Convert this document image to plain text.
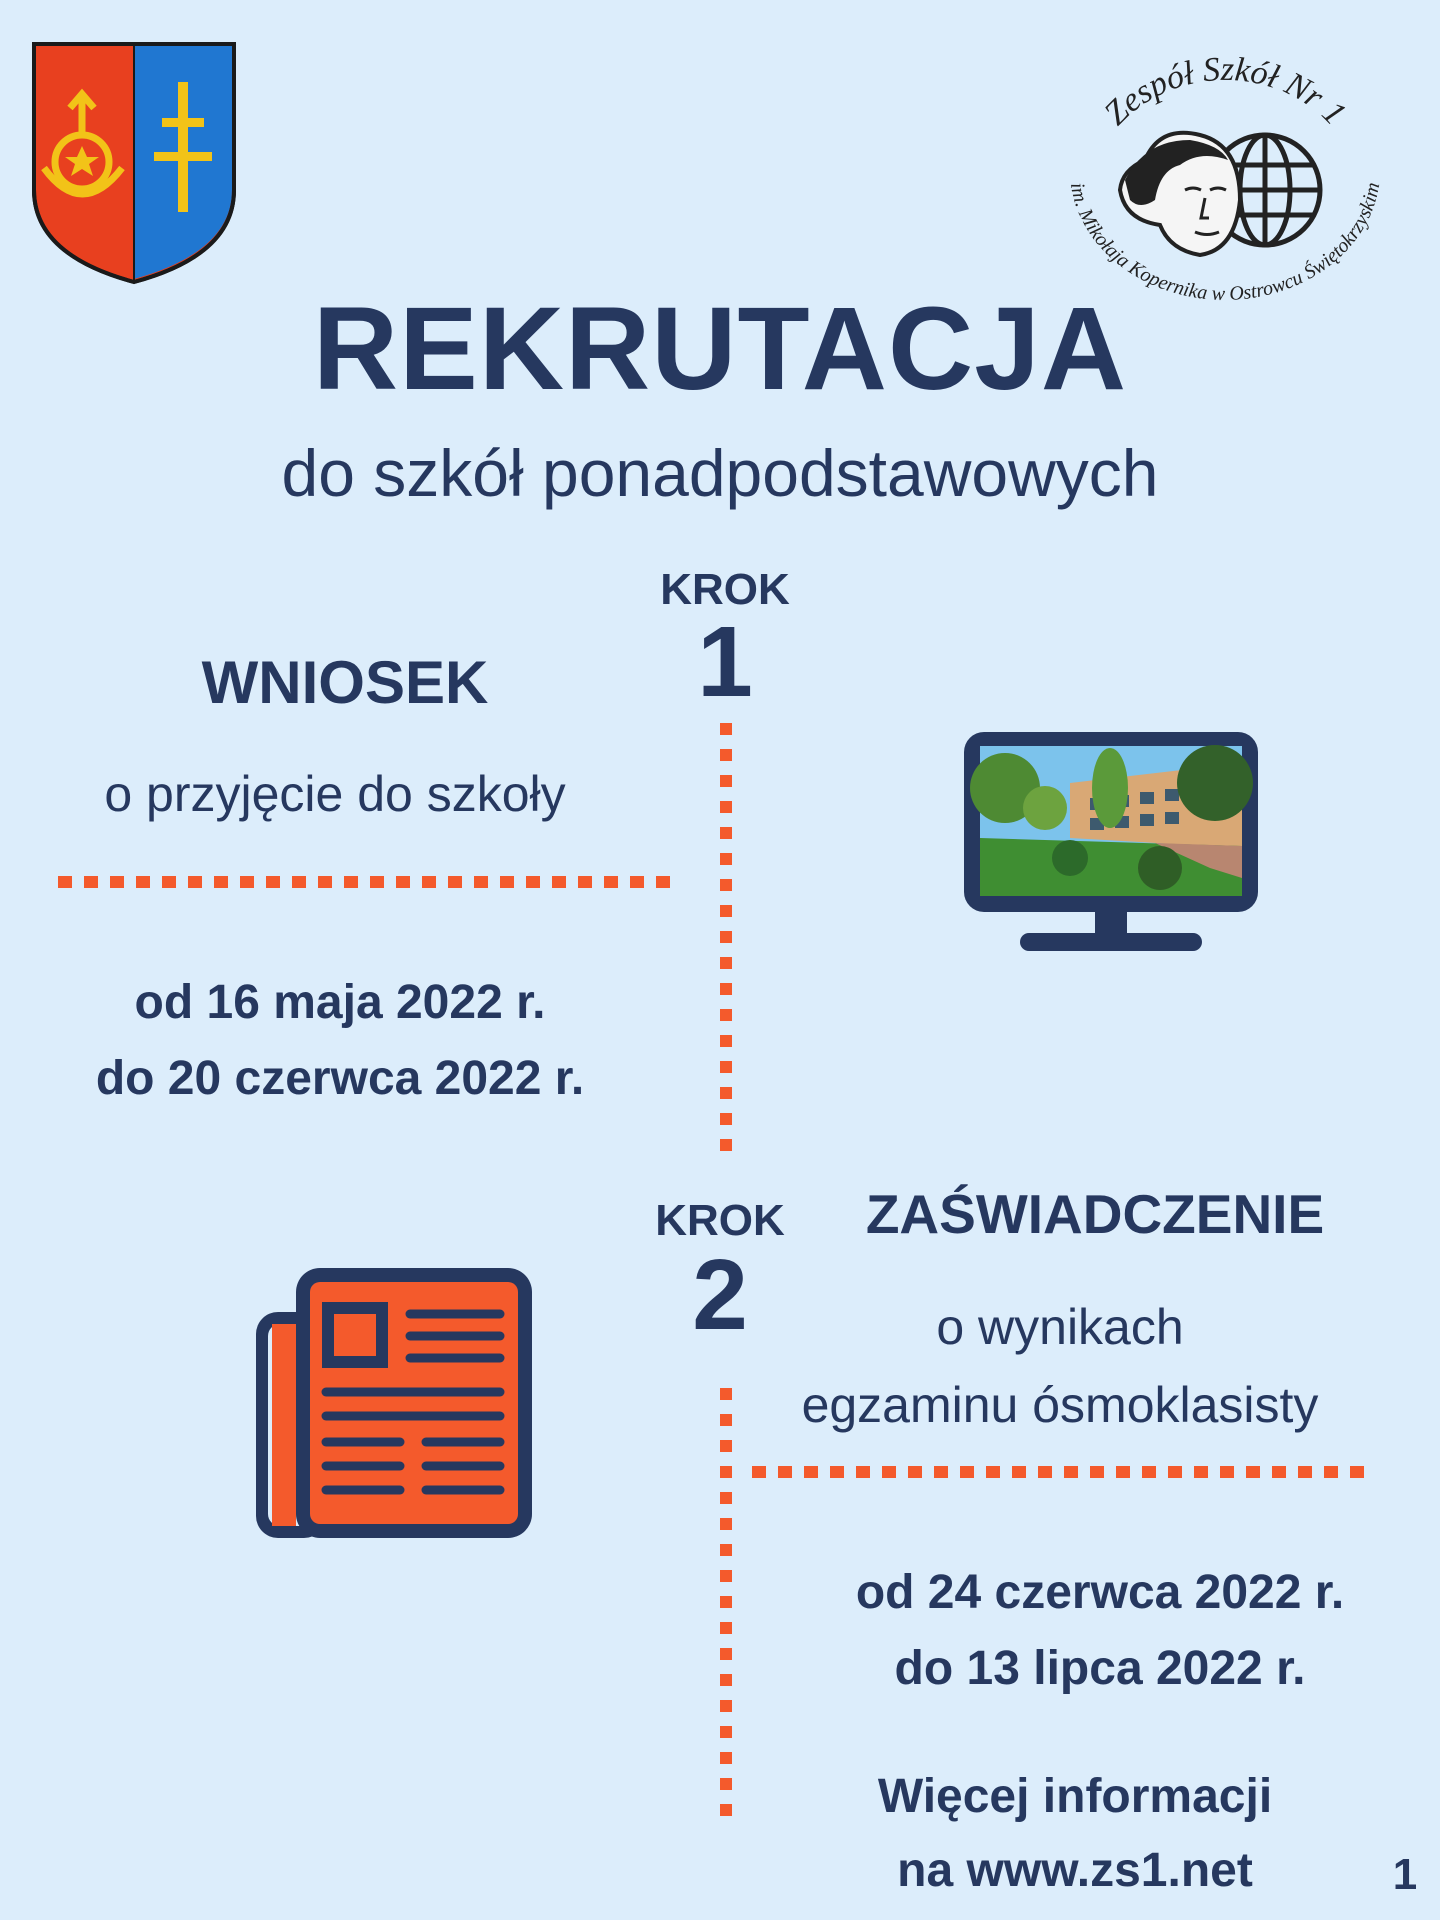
Zespół Szkół Nr 1
im. Mikołaja Kopernika w Ostrowcu Świętokrzyskim
REKRUTACJA
do szkół ponadpodstawowych
KROK
1
WNIOSEK
o przyjęcie do szkoły
od 16 maja 2022 r.
do 20 czerwca 2022 r.
KROK
2
ZAŚWIADCZENIE
o wynikach
egzaminu ósmoklasisty
od 24 czerwca 2022 r.
do 13 lipca 2022 r.
Więcej informacji
na www.zs1.net	1
